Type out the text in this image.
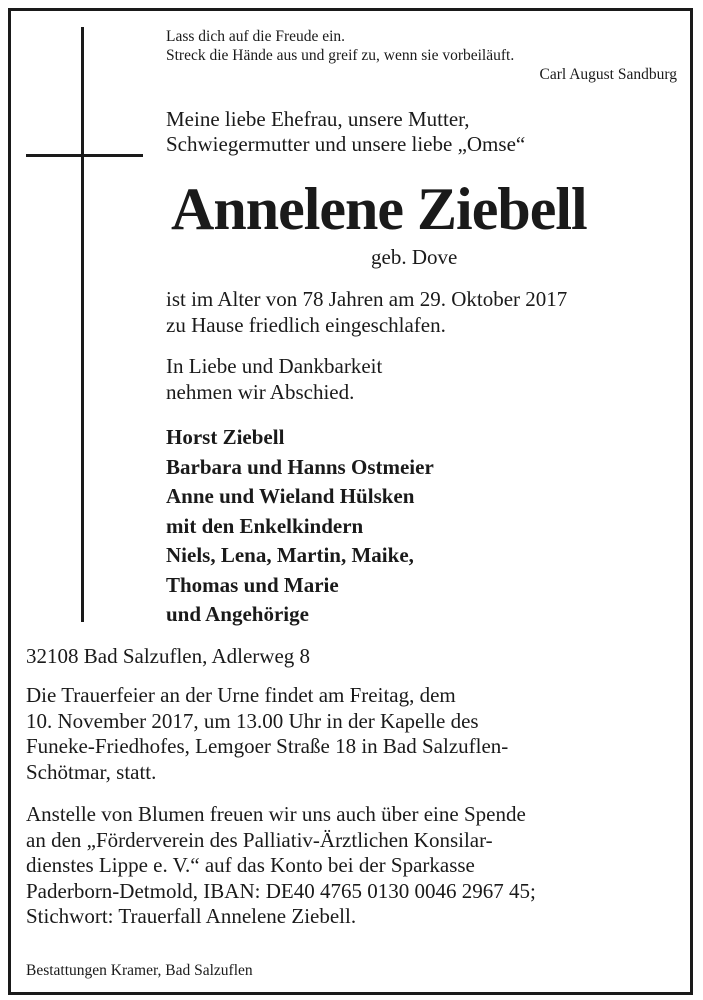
Lass dich auf die Freude ein.
Streck die Hände aus und greif zu, wenn sie vorbeiläuft.
Carl August Sandburg
Meine liebe Ehefrau, unsere Mutter,
Schwiegermutter und unsere liebe „Omse“
Annelene Ziebell
geb. Dove
ist im Alter von 78 Jahren am 29. Oktober 2017
zu Hause friedlich eingeschlafen.
In Liebe und Dankbarkeit
nehmen wir Abschied.
Horst Ziebell
Barbara und Hanns Ostmeier
Anne und Wieland Hülsken
mit den Enkelkindern
Niels, Lena, Martin, Maike,
Thomas und Marie
und Angehörige
32108 Bad Salzuflen, Adlerweg 8
Die Trauerfeier an der Urne findet am Freitag, dem
10. November 2017, um 13.00 Uhr in der Kapelle des
Funeke-Friedhofes, Lemgoer Straße 18 in Bad Salzuflen-
Schötmar, statt.
Anstelle von Blumen freuen wir uns auch über eine Spende
an den „Förderverein des Palliativ-Ärztlichen Konsilar-
dienstes Lippe e. V.“ auf das Konto bei der Sparkasse
Paderborn-Detmold, IBAN: DE40 4765 0130 0046 2967 45;
Stichwort: Trauerfall Annelene Ziebell.
Bestattungen Kramer, Bad Salzuflen
